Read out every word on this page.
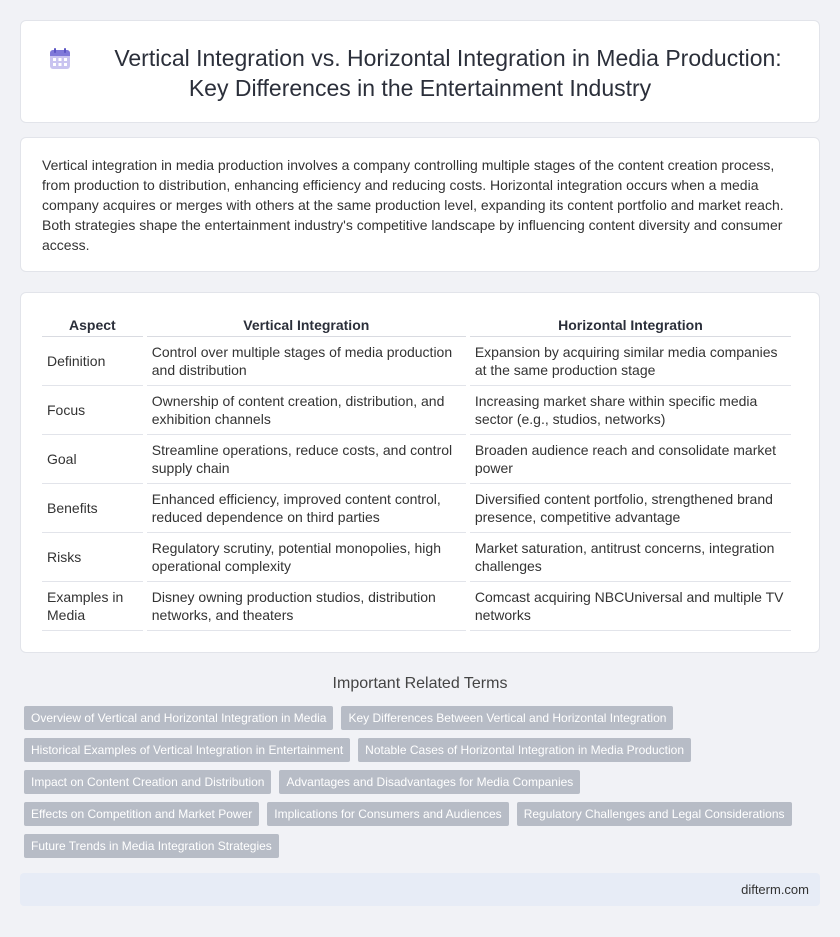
Vertical Integration vs. Horizontal Integration in Media Production:
Key Differences in the Entertainment Industry

Vertical integration in media production involves a company controlling multiple stages of the content creation process, from production to distribution, enhancing efficiency and reducing costs. Horizontal integration occurs when a media company acquires or merges with others at the same production level, expanding its content portfolio and market reach. Both strategies shape the entertainment industry's competitive landscape by influencing content diversity and consumer access.

Aspect	Vertical Integration	Horizontal Integration
Definition	Control over multiple stages of media production and distribution	Expansion by acquiring similar media companies at the same production stage
Focus	Ownership of content creation, distribution, and exhibition channels	Increasing market share within specific media sector (e.g., studios, networks)
Goal	Streamline operations, reduce costs, and control supply chain	Broaden audience reach and consolidate market power
Benefits	Enhanced efficiency, improved content control, reduced dependence on third parties	Diversified content portfolio, strengthened brand presence, competitive advantage
Risks	Regulatory scrutiny, potential monopolies, high operational complexity	Market saturation, antitrust concerns, integration challenges
Examples in Media	Disney owning production studios, distribution networks, and theaters	Comcast acquiring NBCUniversal and multiple TV networks
Important Related Terms
Overview of Vertical and Horizontal Integration in Media	Key Differences Between Vertical and Horizontal Integration
Historical Examples of Vertical Integration in Entertainment	Notable Cases of Horizontal Integration in Media Production
Impact on Content Creation and Distribution	Advantages and Disadvantages for Media Companies
Effects on Competition and Market Power	Implications for Consumers and Audiences	Regulatory Challenges and Legal Considerations
Future Trends in Media Integration Strategies
difterm.com
